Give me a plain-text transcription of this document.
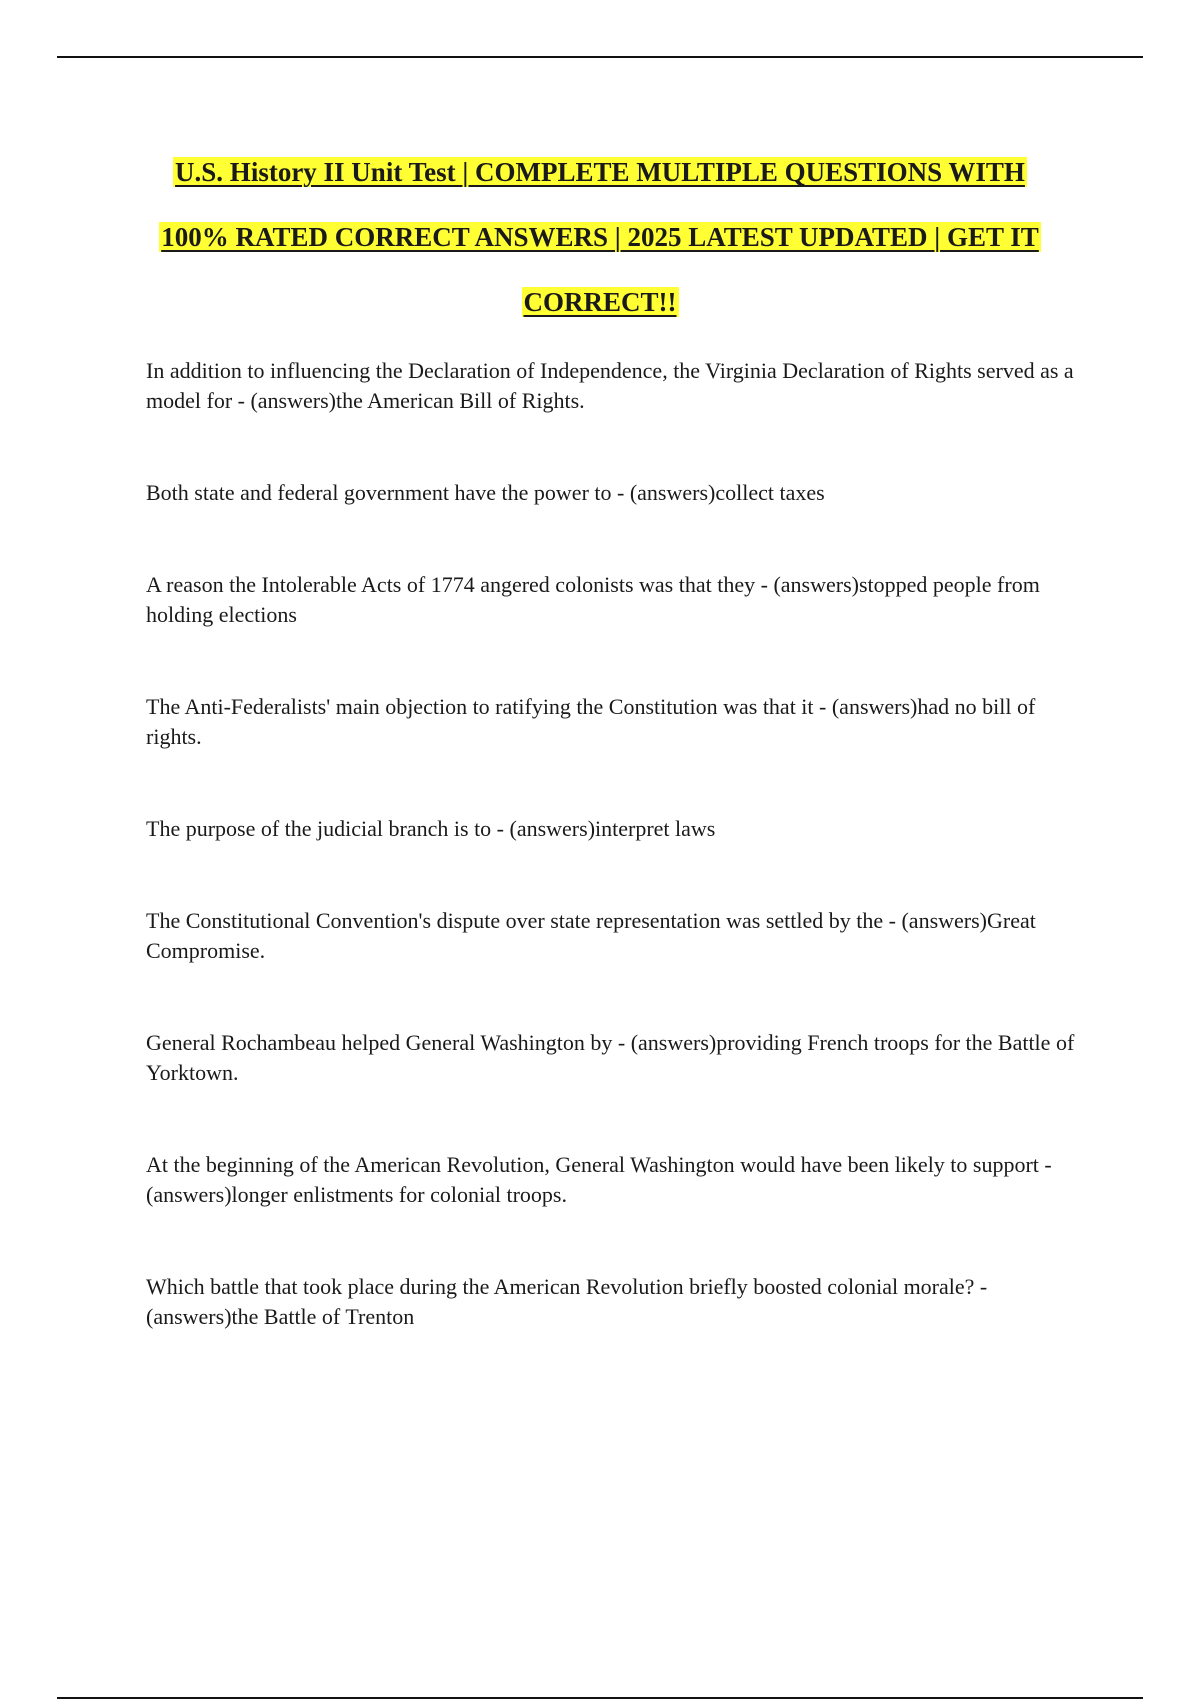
U.S. History II Unit Test | COMPLETE MULTIPLE QUESTIONS WITH
100% RATED CORRECT ANSWERS | 2025 LATEST UPDATED | GET IT
CORRECT!!

In addition to influencing the Declaration of Independence, the Virginia Declaration of Rights served as a model for - (answers)the American Bill of Rights.

Both state and federal government have the power to - (answers)collect taxes

A reason the Intolerable Acts of 1774 angered colonists was that they - (answers)stopped people from holding elections

The Anti-Federalists' main objection to ratifying the Constitution was that it - (answers)had no bill of rights.

The purpose of the judicial branch is to - (answers)interpret laws

The Constitutional Convention's dispute over state representation was settled by the - (answers)Great Compromise.

General Rochambeau helped General Washington by - (answers)providing French troops for the Battle of Yorktown.

At the beginning of the American Revolution, General Washington would have been likely to support - (answers)longer enlistments for colonial troops.

Which battle that took place during the American Revolution briefly boosted colonial morale? - (answers)the Battle of Trenton
